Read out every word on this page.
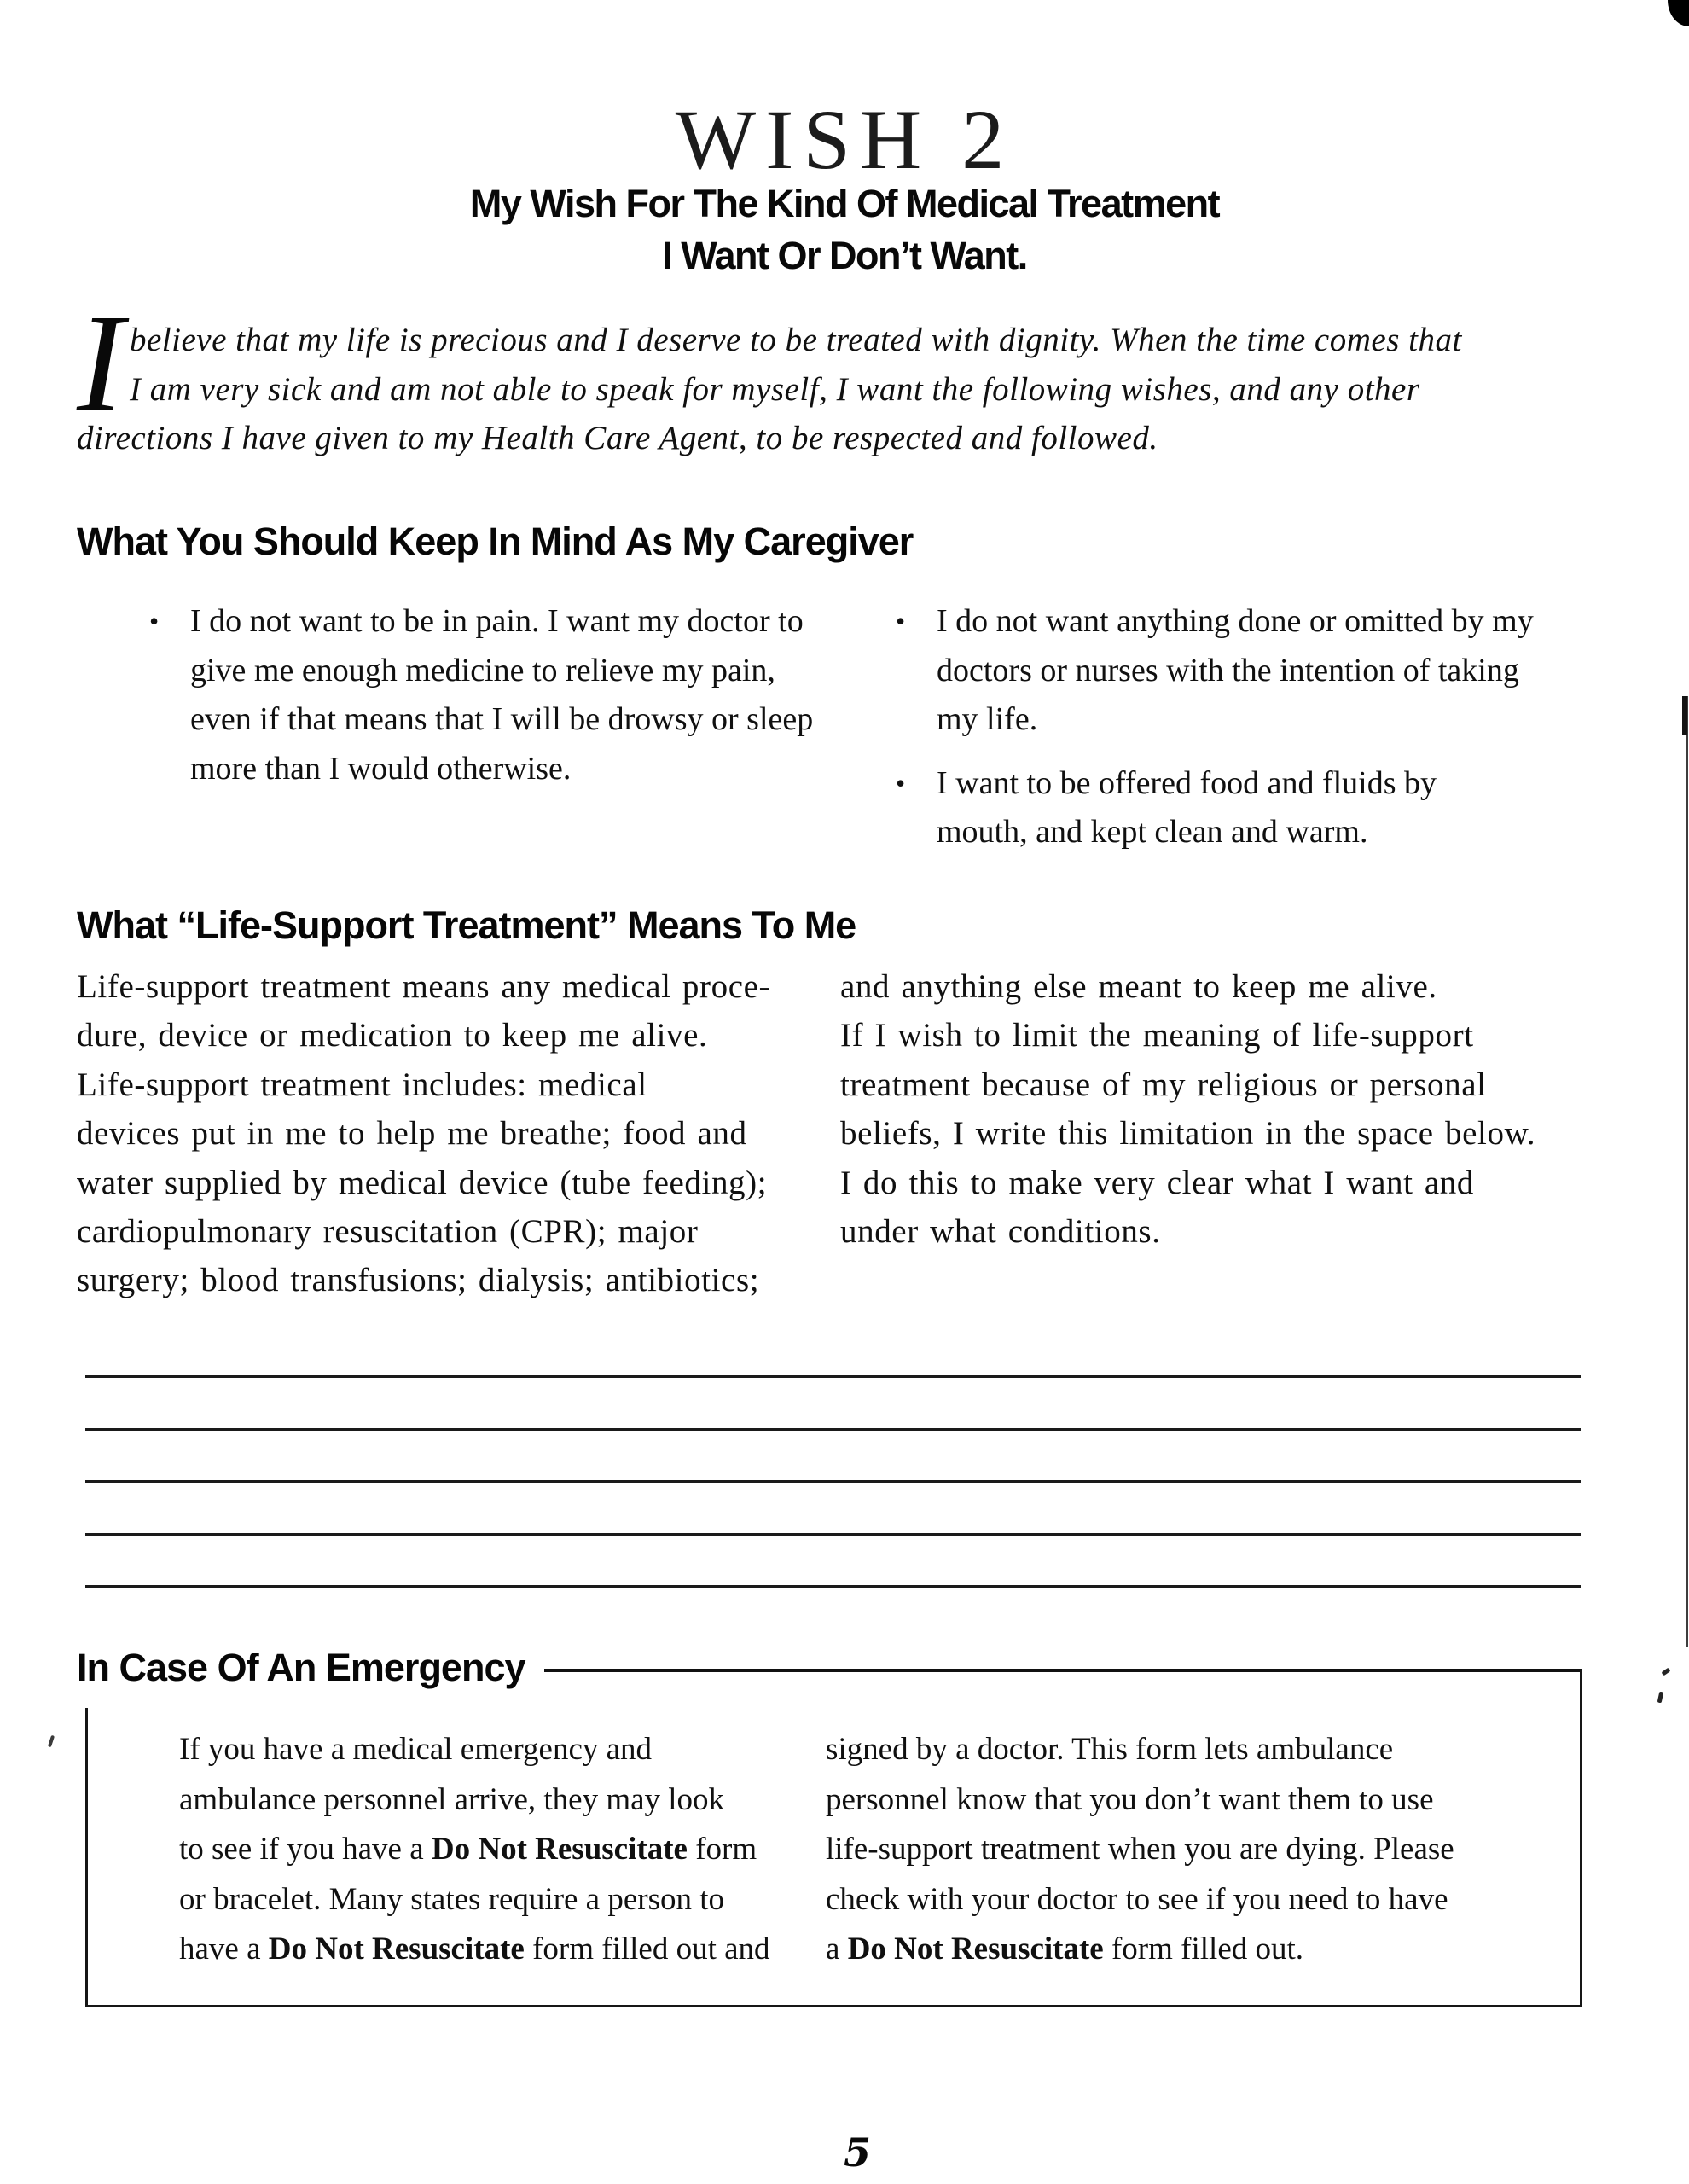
WISH 2
My Wish For The Kind Of Medical Treatment
I Want Or Don’t Want.
I believe that my life is precious and I deserve to be treated with dignity. When the time comes that
I am very sick and am not able to speak for myself, I want the following wishes, and any other
directions I have given to my Health Care Agent, to be respected and followed.
What You Should Keep In Mind As My Caregiver
• I do not want to be in pain. I want my doctor to
give me enough medicine to relieve my pain,
even if that means that I will be drowsy or sleep
more than I would otherwise.
• I do not want anything done or omitted by my
doctors or nurses with the intention of taking
my life.
• I want to be offered food and fluids by
mouth, and kept clean and warm.
What “Life-Support Treatment” Means To Me
Life-support treatment means any medical proce-
dure, device or medication to keep me alive.
Life-support treatment includes: medical
devices put in me to help me breathe; food and
water supplied by medical device (tube feeding);
cardiopulmonary resuscitation (CPR); major
surgery; blood transfusions; dialysis; antibiotics;
and anything else meant to keep me alive.
If I wish to limit the meaning of life-support
treatment because of my religious or personal
beliefs, I write this limitation in the space below.
I do this to make very clear what I want and
under what conditions.
In Case Of An Emergency
If you have a medical emergency and
ambulance personnel arrive, they may look
to see if you have a Do Not Resuscitate form
or bracelet. Many states require a person to
have a Do Not Resuscitate form filled out and
signed by a doctor. This form lets ambulance
personnel know that you don’t want them to use
life-support treatment when you are dying. Please
check with your doctor to see if you need to have
a Do Not Resuscitate form filled out.
5
